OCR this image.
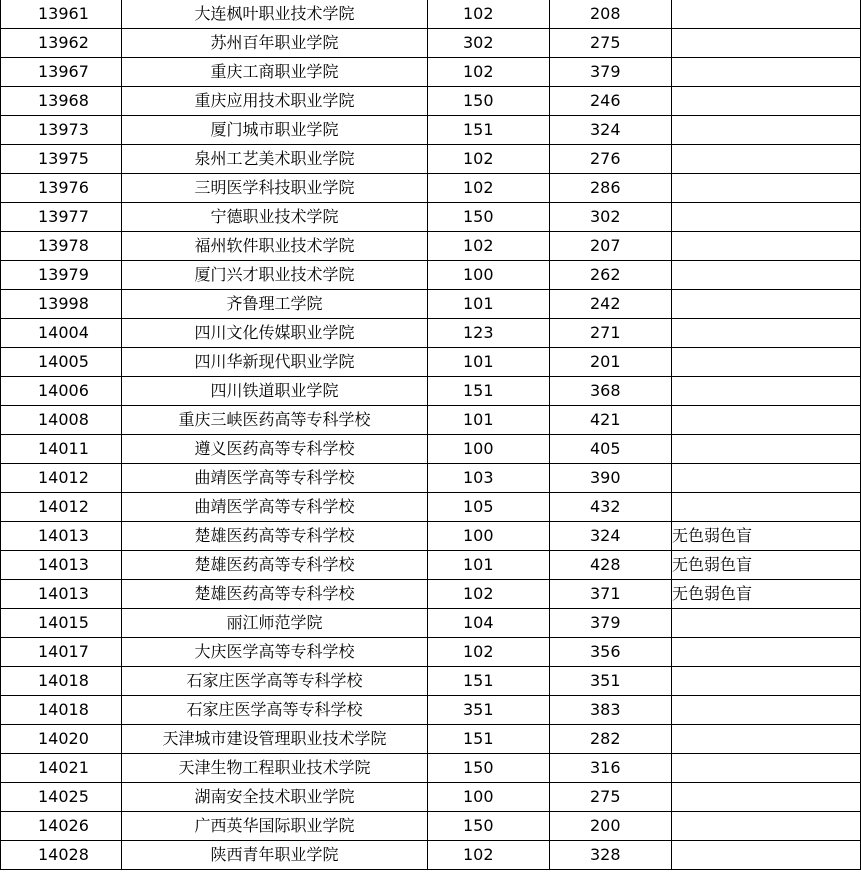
13961	大连枫叶职业技术学院	102	208	
13962	苏州百年职业学院	302	275	
13967	重庆工商职业学院	102	379	
13968	重庆应用技术职业学院	150	246	
13973	厦门城市职业学院	151	324	
13975	泉州工艺美术职业学院	102	276	
13976	三明医学科技职业学院	102	286	
13977	宁德职业技术学院	150	302	
13978	福州软件职业技术学院	102	207	
13979	厦门兴才职业技术学院	100	262	
13998	齐鲁理工学院	101	242	
14004	四川文化传媒职业学院	123	271	
14005	四川华新现代职业学院	101	201	
14006	四川铁道职业学院	151	368	
14008	重庆三峡医药高等专科学校	101	421	
14011	遵义医药高等专科学校	100	405	
14012	曲靖医学高等专科学校	103	390	
14012	曲靖医学高等专科学校	105	432	
14013	楚雄医药高等专科学校	100	324	无色弱色盲
14013	楚雄医药高等专科学校	101	428	无色弱色盲
14013	楚雄医药高等专科学校	102	371	无色弱色盲
14015	丽江师范学院	104	379	
14017	大庆医学高等专科学校	102	356	
14018	石家庄医学高等专科学校	151	351	
14018	石家庄医学高等专科学校	351	383	
14020	天津城市建设管理职业技术学院	151	282	
14021	天津生物工程职业技术学院	150	316	
14025	湖南安全技术职业学院	100	275	
14026	广西英华国际职业学院	150	200	
14028	陕西青年职业学院	102	328	
